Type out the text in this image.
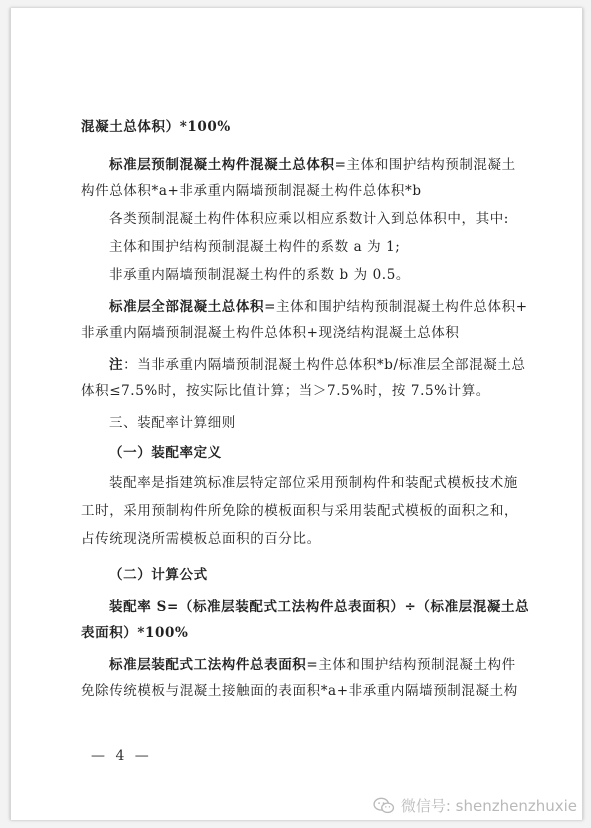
混凝土总体积）*100%
标准层预制混凝土构件混凝土总体积=主体和围护结构预制混凝土
构件总体积*a+非承重内隔墙预制混凝土构件总体积*b
各类预制混凝土构件体积应乘以相应系数计入到总体积中，其中:
主体和围护结构预制混凝土构件的系数 a 为 1;
非承重内隔墙预制混凝土构件的系数 b 为 0.5。
标准层全部混凝土总体积=主体和围护结构预制混凝土构件总体积+
非承重内隔墙预制混凝土构件总体积+现浇结构混凝土总体积
注：当非承重内隔墙预制混凝土构件总体积*b/标准层全部混凝土总
体积≤7.5%时，按实际比值计算；当＞7.5%时，按 7.5%计算。
三、装配率计算细则
（一）装配率定义
装配率是指建筑标准层特定部位采用预制构件和装配式模板技术施
工时，采用预制构件所免除的模板面积与采用装配式模板的面积之和，
占传统现浇所需模板总面积的百分比。
（二）计算公式
装配率 S=（标准层装配式工法构件总表面积）÷（标准层混凝土总
表面积）*100%
标准层装配式工法构件总表面积=主体和围护结构预制混凝土构件
免除传统模板与混凝土接触面的表面积*a+非承重内隔墙预制混凝土构
— 4 —
微信号: shenzhenzhuxie
